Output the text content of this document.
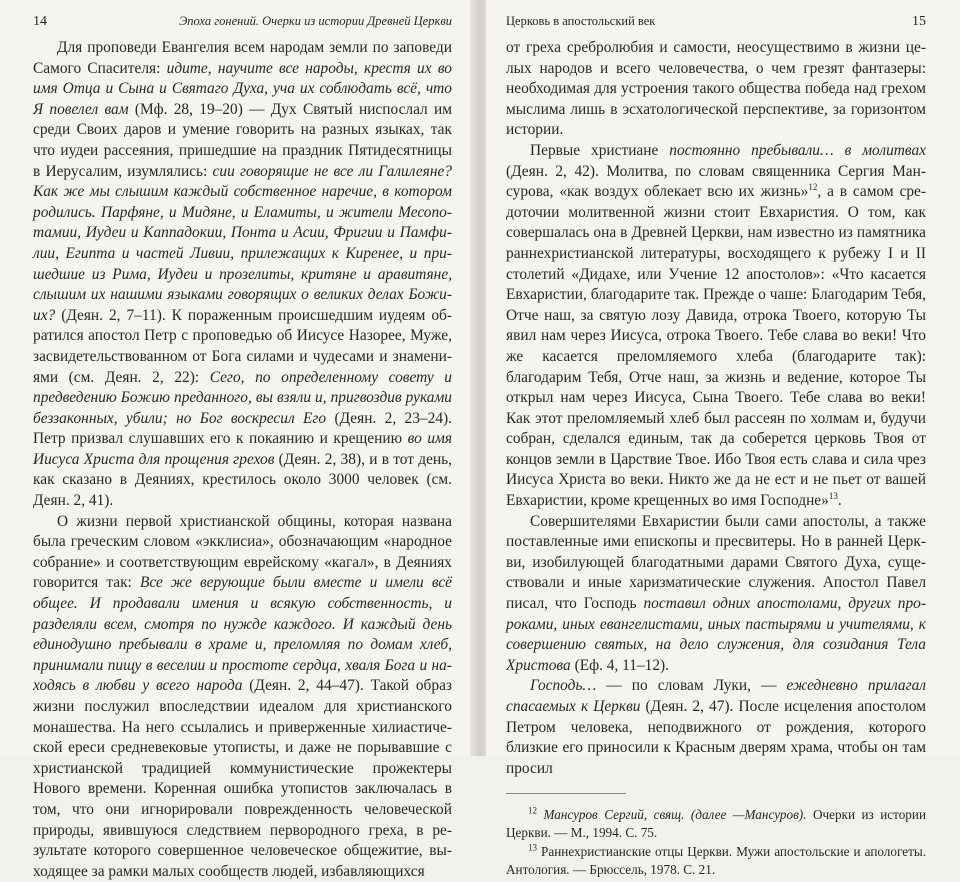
14	Эпоха гонений. Очерки из истории Древней Церкви

Для проповеди Евангелия всем народам земли по заповеди Самого Спасителя: идите, научите все народы, крестя их во имя Отца и Сына и Святаго Духа, уча их соблюдать всё, что Я повелел вам (Мф. 28, 19–20) — Дух Святый ниспослал им среди Своих даров и умение говорить на разных языках, так что иудеи рассеяния, пришедшие на праздник Пятидесятницы в Иерусалим, изумлялись: сии говорящие не все ли Галилеяне? Как же мы слышим каждый собственное наречие, в котором родились. Парфяне, и Мидяне, и Еламиты, и жители Месопотамии, Иудеи и Каппадокии, Понта и Асии, Фригии и Памфилии, Египта и частей Ливии, прилежащих к Киренее, и пришедшие из Рима, Иудеи и прозелиты, критяне и аравитяне, слышим их нашими языками говорящих о великих делах Божиих? (Деян. 2, 7–11). К пораженным происшедшим иудеям обратился апостол Петр с проповедью об Иисусе Назорее, Муже, засвидетельствованном от Бога силами и чудесами и знамениями (см. Деян. 2, 22): Сего, по определенному совету и предведению Божию преданного, вы взяли и, пригвоздив руками беззаконных, убили; но Бог воскресил Его (Деян. 2, 23–24). Петр призвал слушавших его к покаянию и крещению во имя Иисуса Христа для прощения грехов (Деян. 2, 38), и в тот день, как сказано в Деяниях, крестилось около 3000 человек (см. Деян. 2, 41).

О жизни первой христианской общины, которая названа была греческим словом «экклисиа», обозначающим «народное собрание» и соответствующим еврейскому «кагал», в Деяниях говорится так: Все же верующие были вместе и имели всё общее. И продавали имения и всякую собственность, и разделяли всем, смотря по нужде каждого. И каждый день единодушно пребывали в храме и, преломляя по домам хлеб, принимали пищу в веселии и простоте сердца, хваля Бога и находясь в любви у всего народа (Деян. 2, 44–47). Такой образ жизни послужил впоследствии идеалом для христианского монашества. На него ссылались и приверженные хилиастической ереси средневековые утописты, и даже не порывавшие с христианской традицией коммунистические прожектеры Нового времени. Коренная ошибка утопистов заключалась в том, что они игнорировали поврежденность человеческой природы, явившуюся следствием первородного греха, в результате которого совершенное человеческое общежитие, выходящее за рамки малых сообществ людей, избавляющихся

Церковь в апостольский век	15

от греха сребролюбия и самости, неосуществимо в жизни целых народов и всего человечества, о чем грезят фантазеры: необходимая для устроения такого общества победа над грехом мыслима лишь в эсхатологической перспективе, за горизонтом истории.

Первые христиане постоянно пребывали… в молитвах (Деян. 2, 42). Молитва, по словам священника Сергия Мансурова, «как воздух облекает всю их жизнь»$^{12}$, а в самом средоточии молитвенной жизни стоит Евхаристия. О том, как совершалась она в Древней Церкви, нам известно из памятника раннехристианской литературы, восходящего к рубежу I и II столетий «Дидахе, или Учение 12 апостолов»: «Что касается Евхаристии, благодарите так. Прежде о чаше: Благодарим Тебя, Отче наш, за святую лозу Давида, отрока Твоего, которую Ты явил нам через Иисуса, отрока Твоего. Тебе слава во веки! Что же касается преломляемого хлеба (благодарите так): благодарим Тебя, Отче наш, за жизнь и ведение, которое Ты открыл нам через Иисуса, Сына Твоего. Тебе слава во веки! Как этот преломляемый хлеб был рассеян по холмам и, будучи собран, сделался единым, так да соберется церковь Твоя от концов земли в Царствие Твое. Ибо Твоя есть слава и сила чрез Иисуса Христа во веки. Никто же да не ест и не пьет от вашей Евхаристии, кроме крещенных во имя Господне»$^{13}$.

Совершителями Евхаристии были сами апостолы, а также поставленные ими епископы и пресвитеры. Но в ранней Церкви, изобилующей благодатными дарами Святого Духа, существовали и иные харизматические служения. Апостол Павел писал, что Господь поставил одних апостолами, других пророками, иных евангелистами, иных пастырями и учителями, к совершению святых, на дело служения, для созидания Тела Христова (Еф. 4, 11–12).

Господь… — по словам Луки, — ежедневно прилагал спасаемых к Церкви (Деян. 2, 47). После исцеления апостолом Петром человека, неподвижного от рождения, которого близкие его приносили к Красным дверям храма, чтобы он там просил

$^{12}$ Мансуров Сергий, свящ. (далее —Мансуров). Очерки из истории Церкви. — М., 1994. С. 75.

$^{13}$ Раннехристианские отцы Церкви. Мужи апостольские и апологеты. Антология. — Брюссель, 1978. С. 21.
